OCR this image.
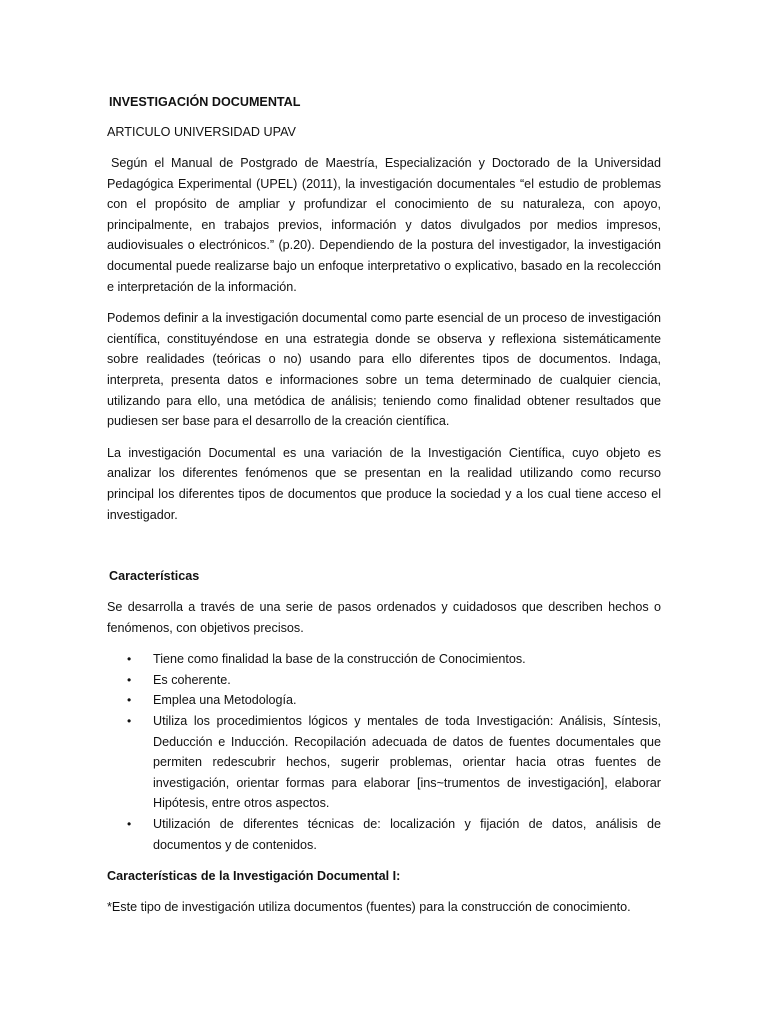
INVESTIGACIÓN DOCUMENTAL
ARTICULO UNIVERSIDAD UPAV

Según el Manual de Postgrado de Maestría, Especialización y Doctorado de la Universidad Pedagógica Experimental (UPEL) (2011), la investigación documentales “el estudio de problemas con el propósito de ampliar y profundizar el conocimiento de su naturaleza, con apoyo, principalmente, en trabajos previos, información y datos divulgados por medios impresos, audiovisuales o electrónicos.” (p.20). Dependiendo de la postura del investigador, la investigación documental puede realizarse bajo un enfoque interpretativo o explicativo, basado en la recolección e interpretación de la información.

Podemos definir a la investigación documental como parte esencial de un proceso de investigación científica, constituyéndose en una estrategia donde se observa y reflexiona sistemáticamente sobre realidades (teóricas o no) usando para ello diferentes tipos de documentos. Indaga, interpreta, presenta datos e informaciones sobre un tema determinado de cualquier ciencia, utilizando para ello, una metódica de análisis; teniendo como finalidad obtener resultados que pudiesen ser base para el desarrollo de la creación científica.

La investigación Documental es una variación de la Investigación Científica, cuyo objeto es analizar los diferentes fenómenos que se presentan en la realidad utilizando como recurso principal los diferentes tipos de documentos que produce la sociedad y a los cual tiene acceso el investigador.

Características

Se desarrolla a través de una serie de pasos ordenados y cuidadosos que describen hechos o fenómenos, con objetivos precisos.

• Tiene como finalidad la base de la construcción de Conocimientos.
• Es coherente.
• Emplea una Metodología.
• Utiliza los procedimientos lógicos y mentales de toda Investigación: Análisis, Síntesis, Deducción e Inducción. Recopilación adecuada de datos de fuentes documentales que permiten redescubrir hechos, sugerir problemas, orientar hacia otras fuentes de investigación, orientar formas para elaborar [ins~trumentos de investigación], elaborar Hipótesis, entre otros aspectos.
• Utilización de diferentes técnicas de: localización y fijación de datos, análisis de documentos y de contenidos.
Características de la Investigación Documental I:

*Este tipo de investigación utiliza documentos (fuentes) para la construcción de conocimiento.
